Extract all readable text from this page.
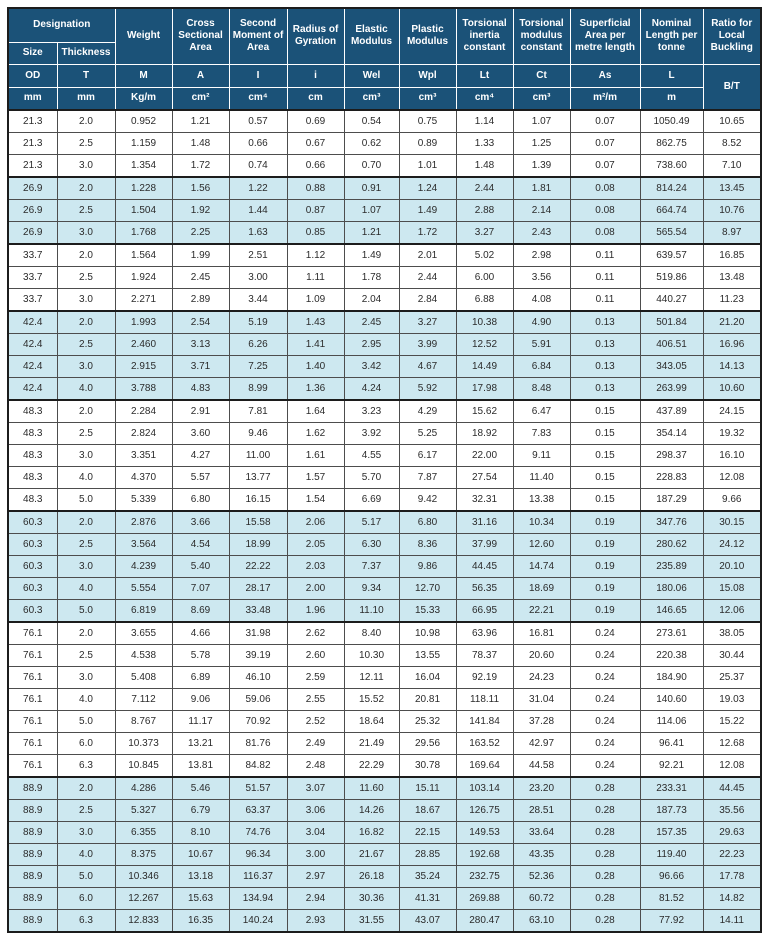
Designation		Weight	Cross Sectional Area	Second Moment of Area	Radius of Gyration	Elastic Modulus	Plastic Modulus	Torsional inertia constant	Torsional modulus constant	Superficial Area per metre length	Nominal Length per tonne	Ratio for Local Buckling
Size	Thickness											
OD	T	M	A	I	i	Wel	Wpl	Lt	Ct	As	L	B/T
mm	mm	Kg/m	cm²	cm⁴	cm	cm³	cm³	cm⁴	cm³	m²/m	m	
21.3	2.0	0.952	1.21	0.57	0.69	0.54	0.75	1.14	1.07	0.07	1050.49	10.65
21.3	2.5	1.159	1.48	0.66	0.67	0.62	0.89	1.33	1.25	0.07	862.75	8.52
21.3	3.0	1.354	1.72	0.74	0.66	0.70	1.01	1.48	1.39	0.07	738.60	7.10
26.9	2.0	1.228	1.56	1.22	0.88	0.91	1.24	2.44	1.81	0.08	814.24	13.45
26.9	2.5	1.504	1.92	1.44	0.87	1.07	1.49	2.88	2.14	0.08	664.74	10.76
26.9	3.0	1.768	2.25	1.63	0.85	1.21	1.72	3.27	2.43	0.08	565.54	8.97
33.7	2.0	1.564	1.99	2.51	1.12	1.49	2.01	5.02	2.98	0.11	639.57	16.85
33.7	2.5	1.924	2.45	3.00	1.11	1.78	2.44	6.00	3.56	0.11	519.86	13.48
33.7	3.0	2.271	2.89	3.44	1.09	2.04	2.84	6.88	4.08	0.11	440.27	11.23
42.4	2.0	1.993	2.54	5.19	1.43	2.45	3.27	10.38	4.90	0.13	501.84	21.20
42.4	2.5	2.460	3.13	6.26	1.41	2.95	3.99	12.52	5.91	0.13	406.51	16.96
42.4	3.0	2.915	3.71	7.25	1.40	3.42	4.67	14.49	6.84	0.13	343.05	14.13
42.4	4.0	3.788	4.83	8.99	1.36	4.24	5.92	17.98	8.48	0.13	263.99	10.60
48.3	2.0	2.284	2.91	7.81	1.64	3.23	4.29	15.62	6.47	0.15	437.89	24.15
48.3	2.5	2.824	3.60	9.46	1.62	3.92	5.25	18.92	7.83	0.15	354.14	19.32
48.3	3.0	3.351	4.27	11.00	1.61	4.55	6.17	22.00	9.11	0.15	298.37	16.10
48.3	4.0	4.370	5.57	13.77	1.57	5.70	7.87	27.54	11.40	0.15	228.83	12.08
48.3	5.0	5.339	6.80	16.15	1.54	6.69	9.42	32.31	13.38	0.15	187.29	9.66
60.3	2.0	2.876	3.66	15.58	2.06	5.17	6.80	31.16	10.34	0.19	347.76	30.15
60.3	2.5	3.564	4.54	18.99	2.05	6.30	8.36	37.99	12.60	0.19	280.62	24.12
60.3	3.0	4.239	5.40	22.22	2.03	7.37	9.86	44.45	14.74	0.19	235.89	20.10
60.3	4.0	5.554	7.07	28.17	2.00	9.34	12.70	56.35	18.69	0.19	180.06	15.08
60.3	5.0	6.819	8.69	33.48	1.96	11.10	15.33	66.95	22.21	0.19	146.65	12.06
76.1	2.0	3.655	4.66	31.98	2.62	8.40	10.98	63.96	16.81	0.24	273.61	38.05
76.1	2.5	4.538	5.78	39.19	2.60	10.30	13.55	78.37	20.60	0.24	220.38	30.44
76.1	3.0	5.408	6.89	46.10	2.59	12.11	16.04	92.19	24.23	0.24	184.90	25.37
76.1	4.0	7.112	9.06	59.06	2.55	15.52	20.81	118.11	31.04	0.24	140.60	19.03
76.1	5.0	8.767	11.17	70.92	2.52	18.64	25.32	141.84	37.28	0.24	114.06	15.22
76.1	6.0	10.373	13.21	81.76	2.49	21.49	29.56	163.52	42.97	0.24	96.41	12.68
76.1	6.3	10.845	13.81	84.82	2.48	22.29	30.78	169.64	44.58	0.24	92.21	12.08
88.9	2.0	4.286	5.46	51.57	3.07	11.60	15.11	103.14	23.20	0.28	233.31	44.45
88.9	2.5	5.327	6.79	63.37	3.06	14.26	18.67	126.75	28.51	0.28	187.73	35.56
88.9	3.0	6.355	8.10	74.76	3.04	16.82	22.15	149.53	33.64	0.28	157.35	29.63
88.9	4.0	8.375	10.67	96.34	3.00	21.67	28.85	192.68	43.35	0.28	119.40	22.23
88.9	5.0	10.346	13.18	116.37	2.97	26.18	35.24	232.75	52.36	0.28	96.66	17.78
88.9	6.0	12.267	15.63	134.94	2.94	30.36	41.31	269.88	60.72	0.28	81.52	14.82
88.9	6.3	12.833	16.35	140.24	2.93	31.55	43.07	280.47	63.10	0.28	77.92	14.11
